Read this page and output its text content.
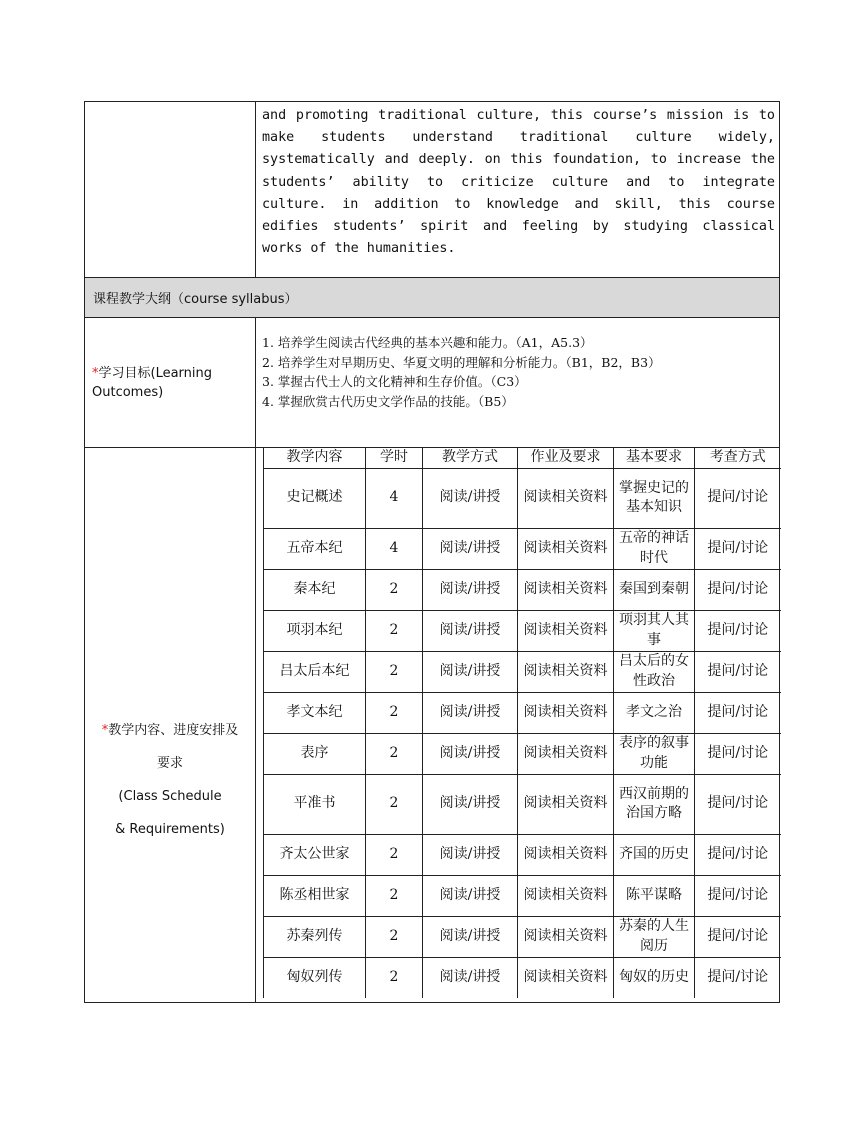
and promoting traditional culture, this course’s mission is to make students understand traditional culture widely, systematically and deeply. on this foundation, to increase the students’ ability to criticize culture and to integrate culture. in addition to knowledge and skill, this course edifies students’ spirit and feeling by studying classical works of the humanities.
课程教学大纲（course syllabus）
*学习目标(Learning Outcomes)
1. 培养学生阅读古代经典的基本兴趣和能力。（A1，A5.3）
2. 培养学生对早期历史、华夏文明的理解和分析能力。（B1，B2，B3）
3. 掌握古代士人的文化精神和生存价值。（C3）
4. 掌握欣赏古代历史文学作品的技能。（B5）
*教学内容、进度安排及
要求
(Class Schedule
& Requirements)
教学内容	学时	教学方式	作业及要求	基本要求	考查方式
史记概述	4	阅读/讲授	阅读相关资料	掌握史记的基本知识	提问/讨论
五帝本纪	4	阅读/讲授	阅读相关资料	五帝的神话时代	提问/讨论
秦本纪	2	阅读/讲授	阅读相关资料	秦国到秦朝	提问/讨论
项羽本纪	2	阅读/讲授	阅读相关资料	项羽其人其事	提问/讨论
吕太后本纪	2	阅读/讲授	阅读相关资料	吕太后的女性政治	提问/讨论
孝文本纪	2	阅读/讲授	阅读相关资料	孝文之治	提问/讨论
表序	2	阅读/讲授	阅读相关资料	表序的叙事功能	提问/讨论
平准书	2	阅读/讲授	阅读相关资料	西汉前期的治国方略	提问/讨论
齐太公世家	2	阅读/讲授	阅读相关资料	齐国的历史	提问/讨论
陈丞相世家	2	阅读/讲授	阅读相关资料	陈平谋略	提问/讨论
苏秦列传	2	阅读/讲授	阅读相关资料	苏秦的人生阅历	提问/讨论
匈奴列传	2	阅读/讲授	阅读相关资料	匈奴的历史	提问/讨论
